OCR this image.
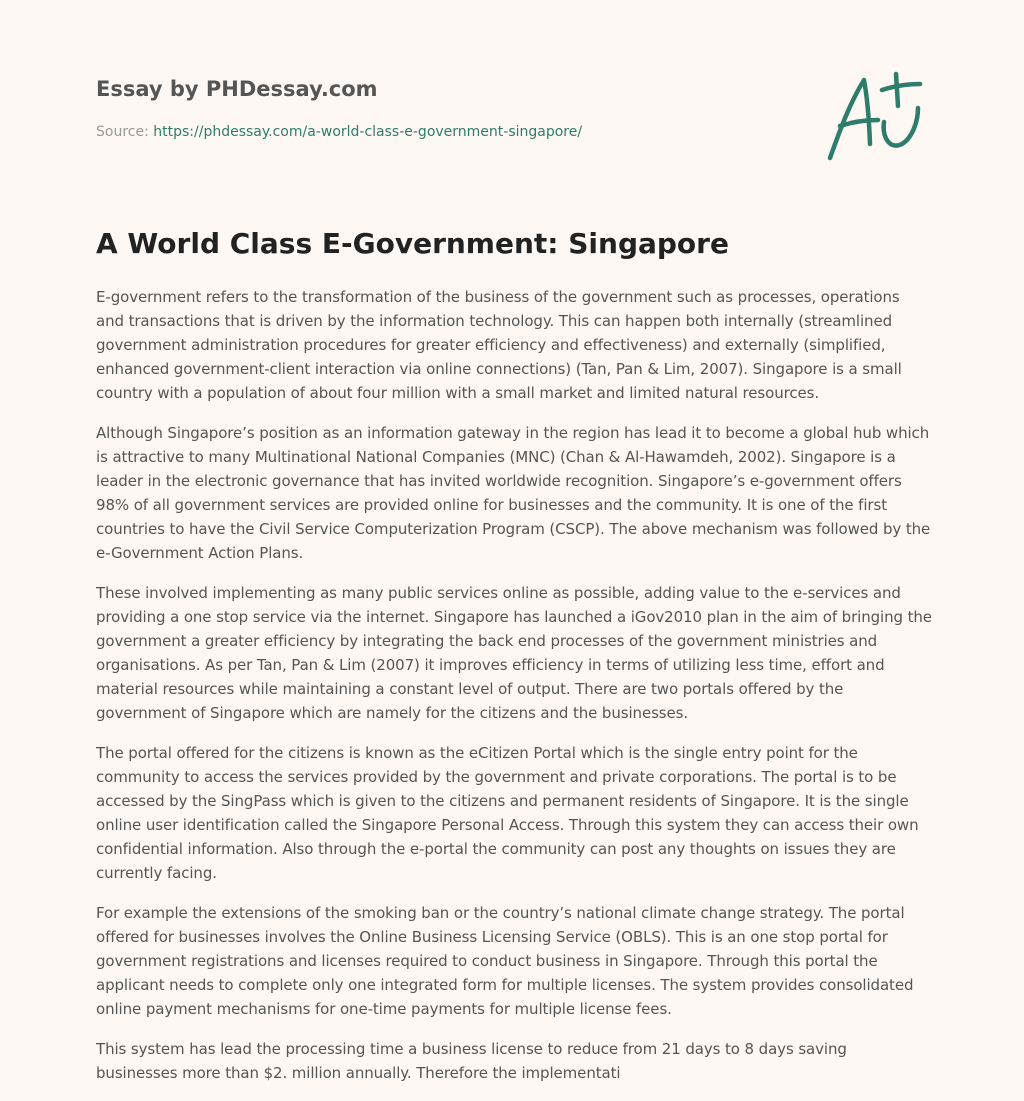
Essay by PHDessay.com
Source: https://phdessay.com/a-world-class-e-government-singapore/
A World Class E-Government: Singapore

E-government refers to the transformation of the business of the government such as processes, operations and transactions that is driven by the information technology. This can happen both internally (streamlined government administration procedures for greater efficiency and effectiveness) and externally (simplified, enhanced government-client interaction via online connections) (Tan, Pan & Lim, 2007). Singapore is a small country with a population of about four million with a small market and limited natural resources.

Although Singapore’s position as an information gateway in the region has lead it to become a global hub which is attractive to many Multinational National Companies (MNC) (Chan & Al-Hawamdeh, 2002). Singapore is a leader in the electronic governance that has invited worldwide recognition. Singapore’s e-government offers 98% of all government services are provided online for businesses and the community. It is one of the first countries to have the Civil Service Computerization Program (CSCP). The above mechanism was followed by the e-Government Action Plans.

These involved implementing as many public services online as possible, adding value to the e-services and providing a one stop service via the internet. Singapore has launched a iGov2010 plan in the aim of bringing the government a greater efficiency by integrating the back end processes of the government ministries and organisations. As per Tan, Pan & Lim (2007) it improves efficiency in terms of utilizing less time, effort and material resources while maintaining a constant level of output. There are two portals offered by the government of Singapore which are namely for the citizens and the businesses.

The portal offered for the citizens is known as the eCitizen Portal which is the single entry point for the community to access the services provided by the government and private corporations. The portal is to be accessed by the SingPass which is given to the citizens and permanent residents of Singapore. It is the single online user identification called the Singapore Personal Access. Through this system they can access their own confidential information. Also through the e-portal the community can post any thoughts on issues they are currently facing.

For example the extensions of the smoking ban or the country’s national climate change strategy. The portal offered for businesses involves the Online Business Licensing Service (OBLS). This is an one stop portal for government registrations and licenses required to conduct business in Singapore. Through this portal the applicant needs to complete only one integrated form for multiple licenses. The system provides consolidated online payment mechanisms for one-time payments for multiple license fees.

This system has lead the processing time a business license to reduce from 21 days to 8 days saving businesses more than $2. million annually. Therefore the implementati
